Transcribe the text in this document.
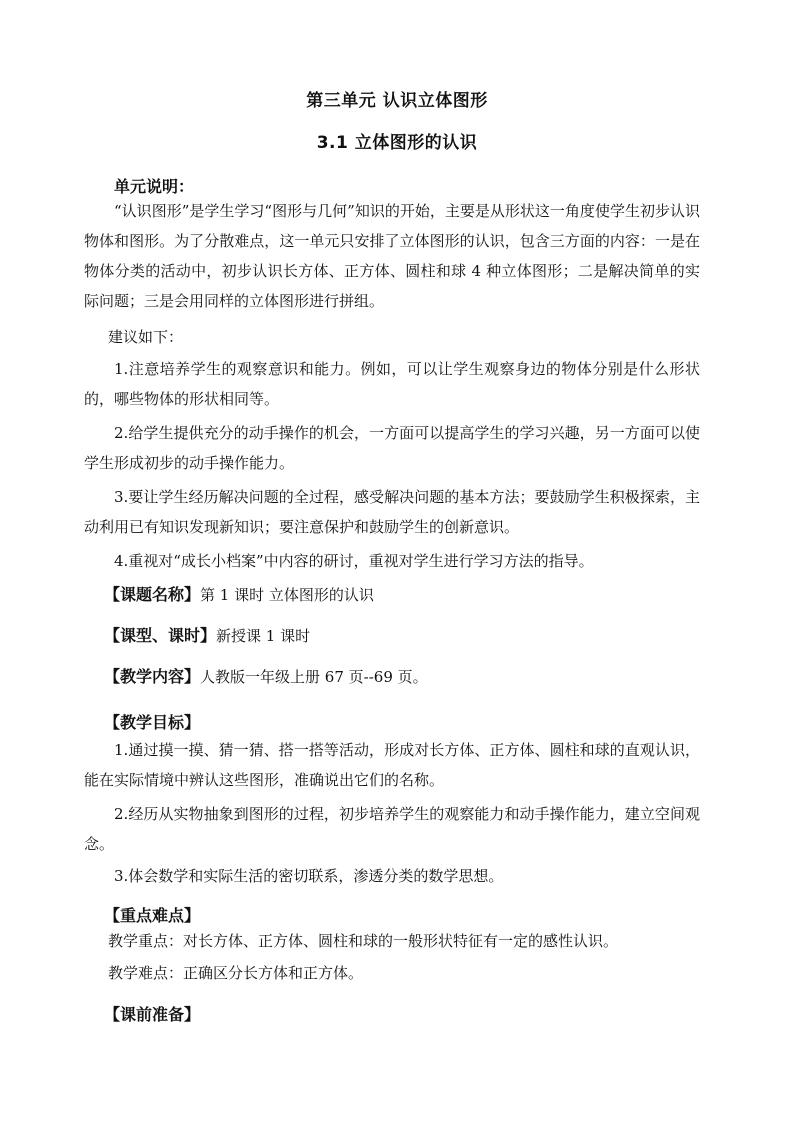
第三单元 认识立体图形
3.1 立体图形的认识
单元说明：
“认识图形”是学生学习“图形与几何”知识的开始，主要是从形状这一角度使学生初步认识物体和图形。为了分散难点，这一单元只安排了立体图形的认识，包含三方面的内容：一是在物体分类的活动中，初步认识长方体、正方体、圆柱和球 4 种立体图形；二是解决简单的实际问题；三是会用同样的立体图形进行拼组。
建议如下：
1.注意培养学生的观察意识和能力。例如，可以让学生观察身边的物体分别是什么形状的，哪些物体的形状相同等。
2.给学生提供充分的动手操作的机会，一方面可以提高学生的学习兴趣，另一方面可以使学生形成初步的动手操作能力。
3.要让学生经历解决问题的全过程，感受解决问题的基本方法；要鼓励学生积极探索，主动利用已有知识发现新知识；要注意保护和鼓励学生的创新意识。
4.重视对“成长小档案”中内容的研讨，重视对学生进行学习方法的指导。
【课题名称】第 1 课时 立体图形的认识
【课型、课时】新授课 1 课时
【教学内容】人教版一年级上册 67 页--69 页。
【教学目标】
1.通过摸一摸、猜一猜、搭一搭等活动，形成对长方体、正方体、圆柱和球的直观认识，能在实际情境中辨认这些图形，准确说出它们的名称。
2.经历从实物抽象到图形的过程，初步培养学生的观察能力和动手操作能力，建立空间观念。
3.体会数学和实际生活的密切联系，渗透分类的数学思想。
【重点难点】
教学重点：对长方体、正方体、圆柱和球的一般形状特征有一定的感性认识。
教学难点：正确区分长方体和正方体。
【课前准备】
